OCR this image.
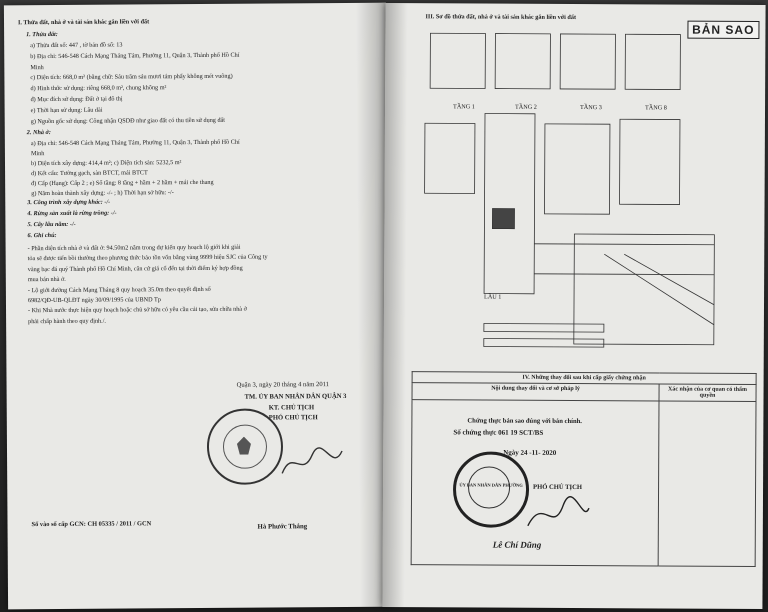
I. Thửa đất, nhà ở và tài sản khác gắn liền với đất
1. Thửa đất:
a) Thửa đất số: 447 , tờ bản đồ số: 13
b) Địa chỉ: 546-548 Cách Mạng Tháng Tám, Phường 11, Quận 3, Thành phố Hồ Chí
Minh
c) Diện tích: 668,0 m² (bằng chữ: Sáu trăm sáu mươi tám phẩy không mét vuông)
d) Hình thức sử dụng: riêng 668,0 m², chung không m²
đ) Mục đích sử dụng: Đất ở tại đô thị
e) Thời hạn sử dụng: Lâu dài
g) Nguồn gốc sử dụng: Công nhận QSDĐ như giao đất có thu tiền sử dụng đất
2. Nhà ở:
a) Địa chỉ: 546-548 Cách Mạng Tháng Tám, Phường 11, Quận 3, Thành phố Hồ Chí
Minh
b) Diện tích xây dựng: 414,4 m²; c) Diện tích sàn: 5232,5 m²
d) Kết cấu: Tường gạch, sàn BTCT, mái BTCT
đ) Cấp (Hạng): Cấp 2 ; e) Số tầng: 8 tầng + hầm + 2 hầm + mái che thang
g) Năm hoàn thành xây dựng: -/- ; h) Thời hạn sở hữu: -/-
3. Công trình xây dựng khác: -/-
4. Rừng sản xuất là rừng trồng: -/-
5. Cây lâu năm: -/-
6. Ghi chú:
- Phần diện tích nhà ở và đất ở: 94.50m2 nằm trong dự kiến quy hoạch lộ giới khi giải
tỏa sẽ được tiến bồi thường theo phương thức bảo tồn vốn bằng vàng 9999 hiệu SJC của Công ty
vàng bạc đá quý Thành phố Hồ Chí Minh, căn cứ giá cổ đến tại thời điểm ký hợp đồng
mua bán nhà ở.
- Lộ giới đường Cách Mạng Tháng 8 quy hoạch 35.0m theo quyết định số
6982/QĐ-UB-QLĐT ngày 30/09/1995 của UBND Tp
- Khi Nhà nước thực hiện quy hoạch hoặc chủ sở hữu có yêu cầu cải tạo, sửa chữa nhà ở
phải chấp hành theo quy định./.
Quận 3, ngày 20 tháng 4 năm 2011
TM. ỦY BAN NHÂN DÂN QUẬN 3
KT. CHỦ TỊCH
PHÓ CHỦ TỊCH
Số vào sổ cấp GCN: CH 05335 / 2011 / GCN	Hà Phước Thắng
III. Sơ đồ thửa đất, nhà ở và tài sản khác gắn liền với đất
BẢN SAO
TẦNG 1	TẦNG 2	TẦNG 3	TẦNG 8
LẦU 1
IV. Những thay đổi sau khi cấp giấy chứng nhận	
Nội dung thay đổi và cơ sở pháp lý	Xác nhận của cơ quan có thẩm quyền

Chứng thực bản sao đúng với bản chính.
Số chứng thực 061 19 SCT/BS
Ngày 24 -11- 2020
ỦY BAN NHÂN DÂN PHƯỜNG	PHÓ CHỦ TỊCH
Lê Chí Dũng
